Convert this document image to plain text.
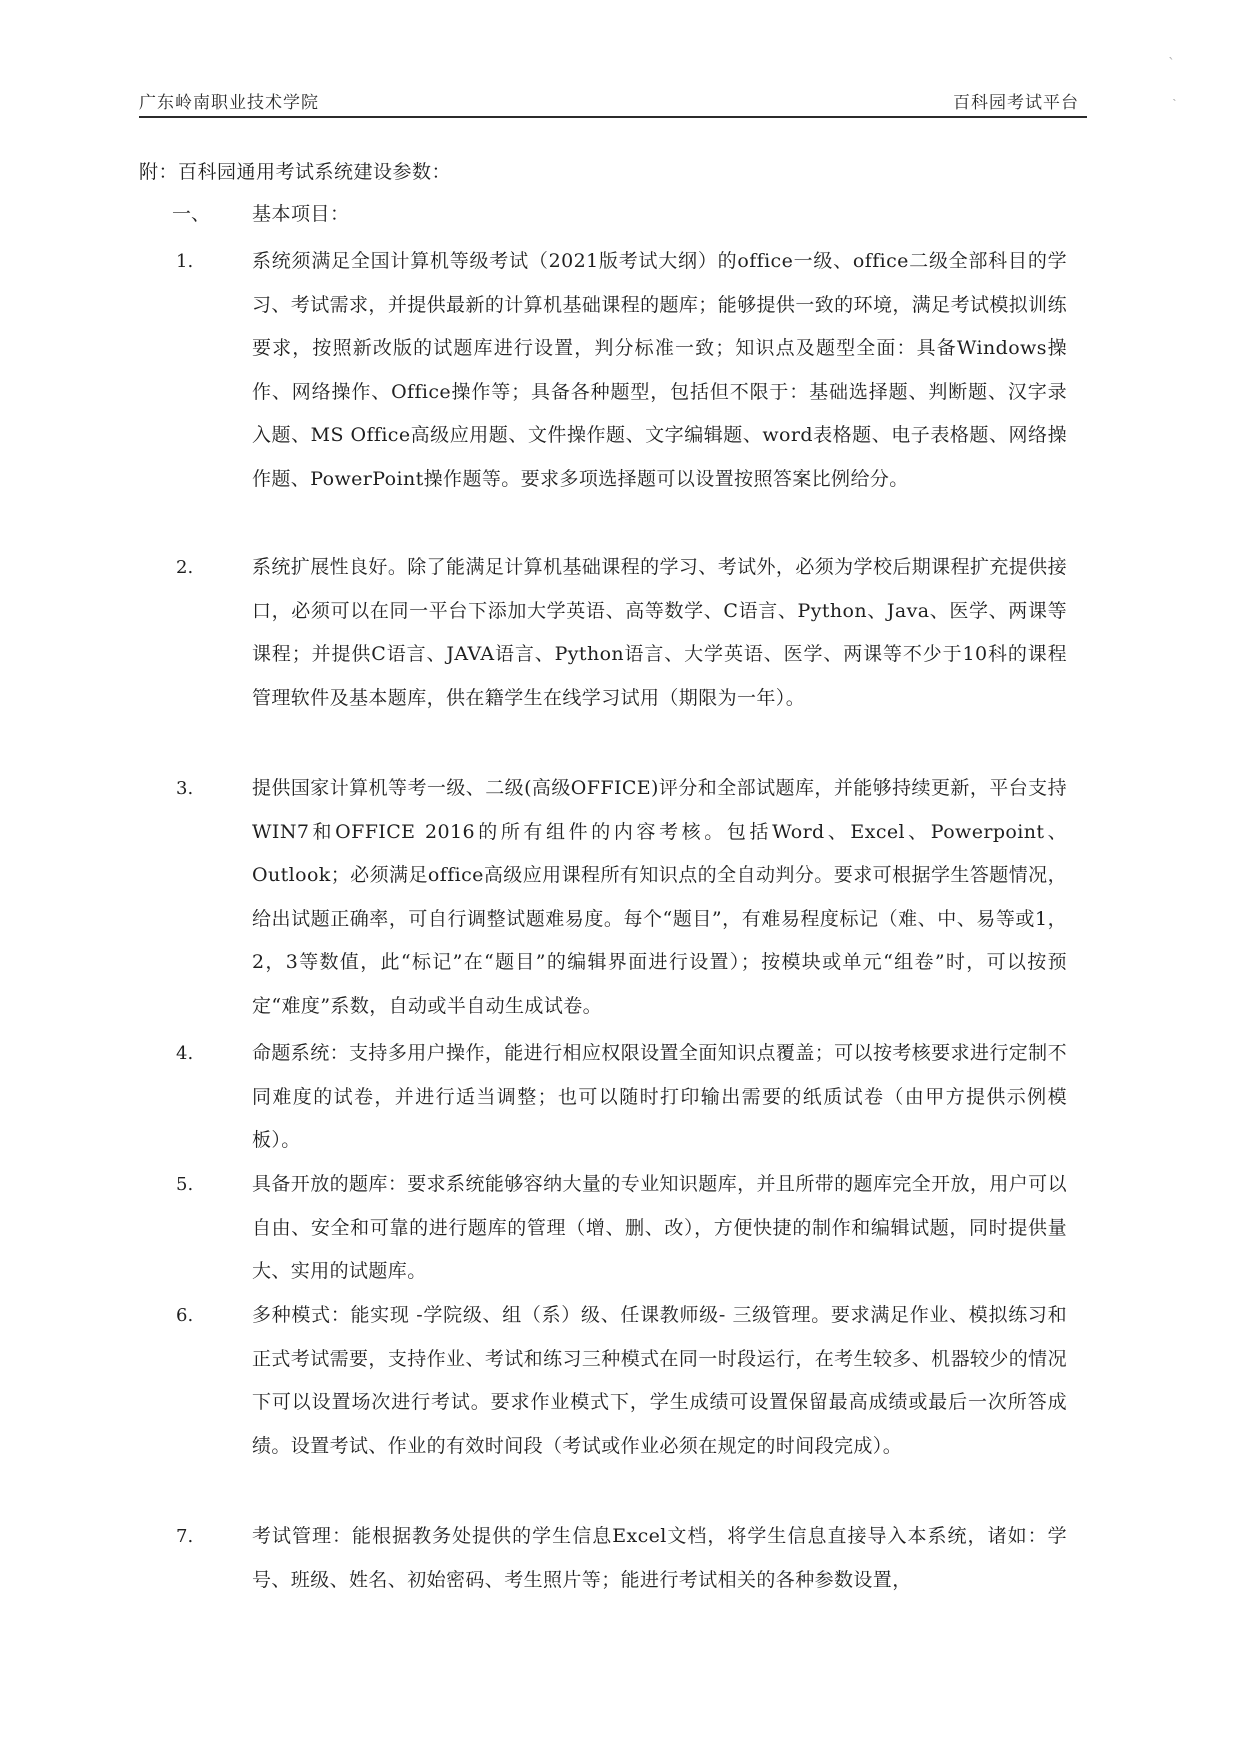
广东岭南职业技术学院	百科园考试平台
ˎ
˴
附：百科园通用考试系统建设参数：
一、 基本项目：
1.	系统须满足全国计算机等级考试（2021版考试大纲）的office一级、office二级全部科目的学习、考试需求，并提供最新的计算机基础课程的题库；能够提供一致的环境，满足考试模拟训练要求，按照新改版的试题库进行设置，判分标准一致；知识点及题型全面：具备Windows操作、网络操作、Office操作等；具备各种题型，包括但不限于：基础选择题、判断题、汉字录入题、MS Office高级应用题、文件操作题、文字编辑题、word表格题、电子表格题、网络操作题、PowerPoint操作题等。要求多项选择题可以设置按照答案比例给分。
2.	系统扩展性良好。除了能满足计算机基础课程的学习、考试外，必须为学校后期课程扩充提供接口，必须可以在同一平台下添加大学英语、高等数学、C语言、Python、Java、医学、两课等课程；并提供C语言、JAVA语言、Python语言、大学英语、医学、两课等不少于10科的课程管理软件及基本题库，供在籍学生在线学习试用（期限为一年）。
3.	提供国家计算机等考一级、二级(高级OFFICE)评分和全部试题库，并能够持续更新，平台支持WIN7和OFFICE 2016的所有组件的内容考核。包括Word、Excel、Powerpoint、Outlook；必须满足office高级应用课程所有知识点的全自动判分。要求可根据学生答题情况，给出试题正确率，可自行调整试题难易度。每个“题目”，有难易程度标记（难、中、易等或1，2，3等数值，此“标记”在“题目”的编辑界面进行设置）；按模块或单元“组卷”时，可以按预定“难度”系数，自动或半自动生成试卷。
4.	命题系统：支持多用户操作，能进行相应权限设置全面知识点覆盖；可以按考核要求进行定制不同难度的试卷，并进行适当调整；也可以随时打印输出需要的纸质试卷（由甲方提供示例模板）。
5.	具备开放的题库：要求系统能够容纳大量的专业知识题库，并且所带的题库完全开放，用户可以自由、安全和可靠的进行题库的管理（增、删、改），方便快捷的制作和编辑试题，同时提供量大、实用的试题库。
6.	多种模式：能实现 -学院级、组（系）级、任课教师级- 三级管理。要求满足作业、模拟练习和正式考试需要，支持作业、考试和练习三种模式在同一时段运行，在考生较多、机器较少的情况下可以设置场次进行考试。要求作业模式下，学生成绩可设置保留最高成绩或最后一次所答成绩。设置考试、作业的有效时间段（考试或作业必须在规定的时间段完成）。
7.	考试管理：能根据教务处提供的学生信息Excel文档，将学生信息直接导入本系统，诸如：学号、班级、姓名、初始密码、考生照片等；能进行考试相关的各种参数设置，
